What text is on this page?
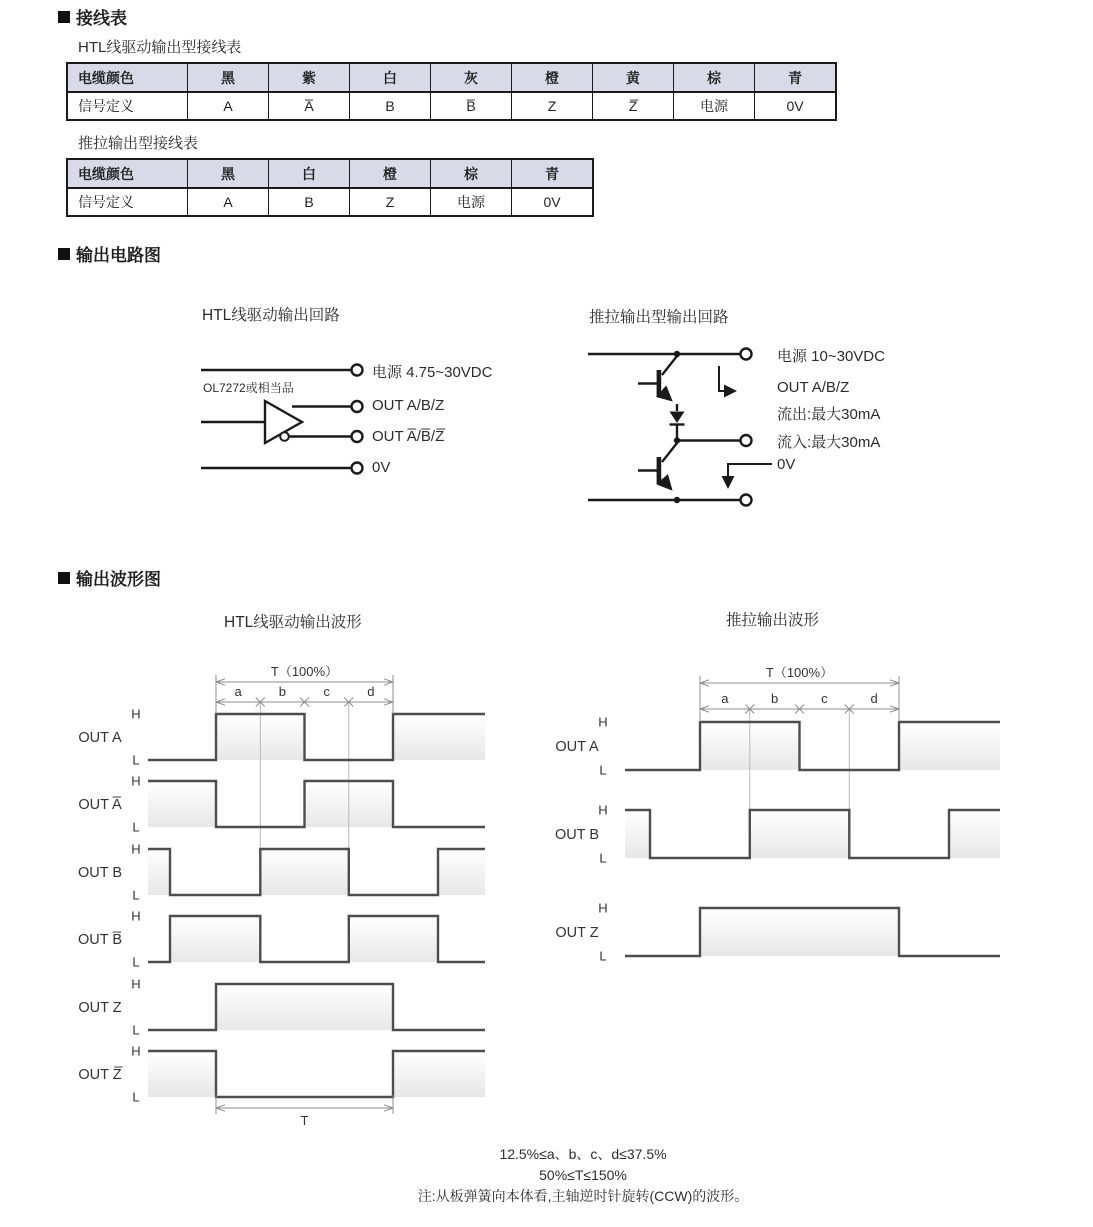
接线表
HTL线驱动输出型接线表
电缆颜色	黑	紫	白	灰	橙	黄	棕	青
信号定义	A	A̅	B	B̅	Z	Z̅	电源	0V
推拉输出型接线表
电缆颜色	黑	白	橙	棕	青
信号定义	A	B	Z	电源	0V
输出电路图
HTL线驱动输出回路	推拉输出型输出回路
OL7272或相当品
电源 4.75~30VDC
OUT A/B/Z
OUT A̅/B̅/Z̅
0V
电源 10~30VDC
OUT A/B/Z
流出:最大30mA
流入:最大30mA
0V
输出波形图
HTL线驱动输出波形	推拉输出波形
H
L
OUT A
H
L
OUT A̅
H
L
OUT B
H
L
OUT B̅
H
L
OUT Z
H
L
OUT Z̅
T（100%）
a	b	c	d
T
H
L
OUT A
H
L
OUT B
H
L
OUT Z
T（100%）
a	b	c	d
12.5%≤a、b、c、d≤37.5%
50%≤T≤150%
注:从板弹簧向本体看,主轴逆时针旋转(CCW)的波形。
